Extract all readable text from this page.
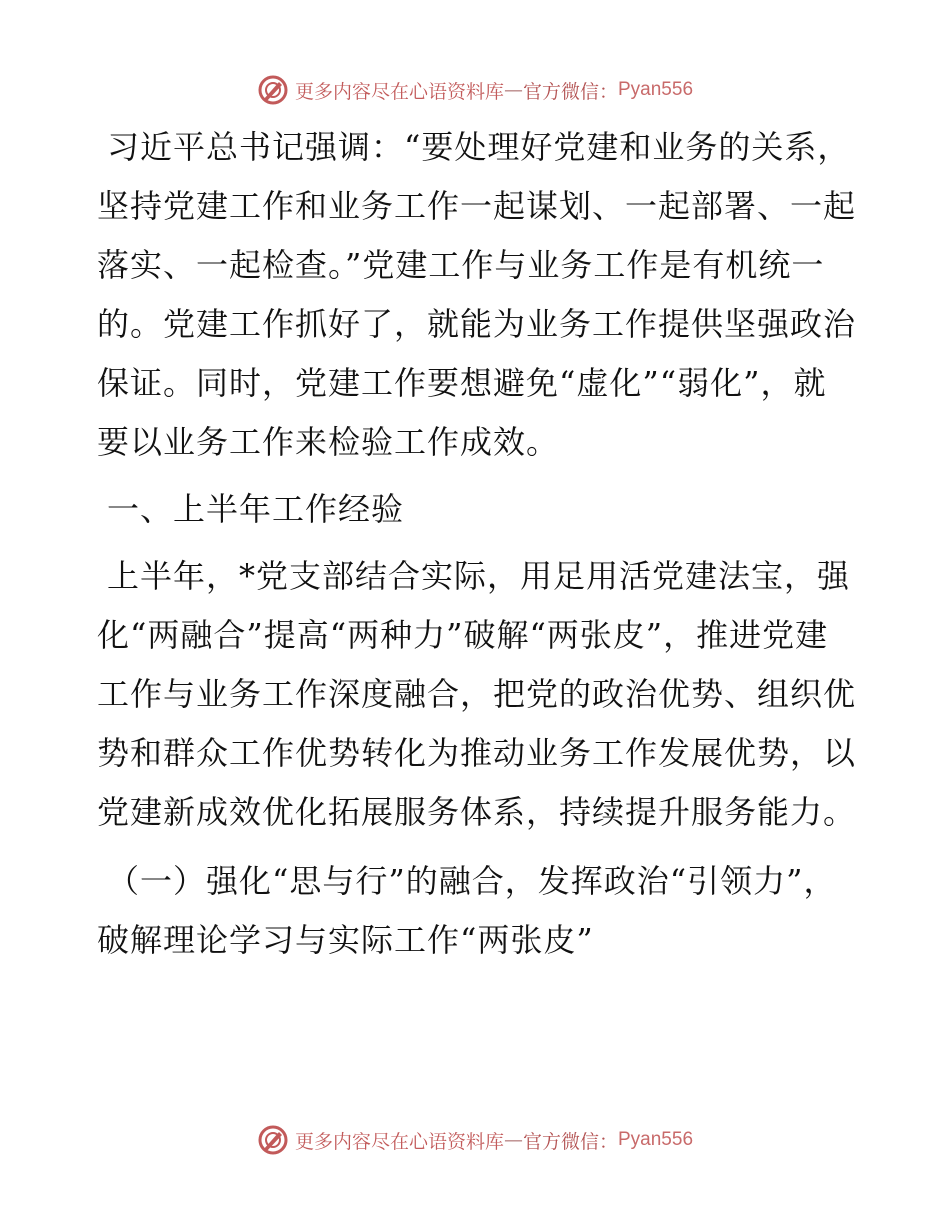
更多内容尽在心语资料库 — 官方微信： Pyan556

习近平总书记强调：“要处理好党建和业务的关系，坚持党建工作和业务工作一起谋划、一起部署、一起落实、一起检查。”党建工作与业务工作是有机统一的。党建工作抓好了，就能为业务工作提供坚强政治保证。同时，党建工作要想避免“虚化”“弱化”，就要以业务工作来检验工作成效。

一、上半年工作经验

上半年，*党支部结合实际，用足用活党建法宝，强化“两融合”提高“两种力”破解“两张皮”，推进党建工作与业务工作深度融合，把党的政治优势、组织优势和群众工作优势转化为推动业务工作发展优势，以党建新成效优化拓展服务体系，持续提升服务能力。

（一）强化“思与行”的融合，发挥政治“引领力”，破解理论学习与实际工作“两张皮”

更多内容尽在心语资料库 — 官方微信： Pyan556
